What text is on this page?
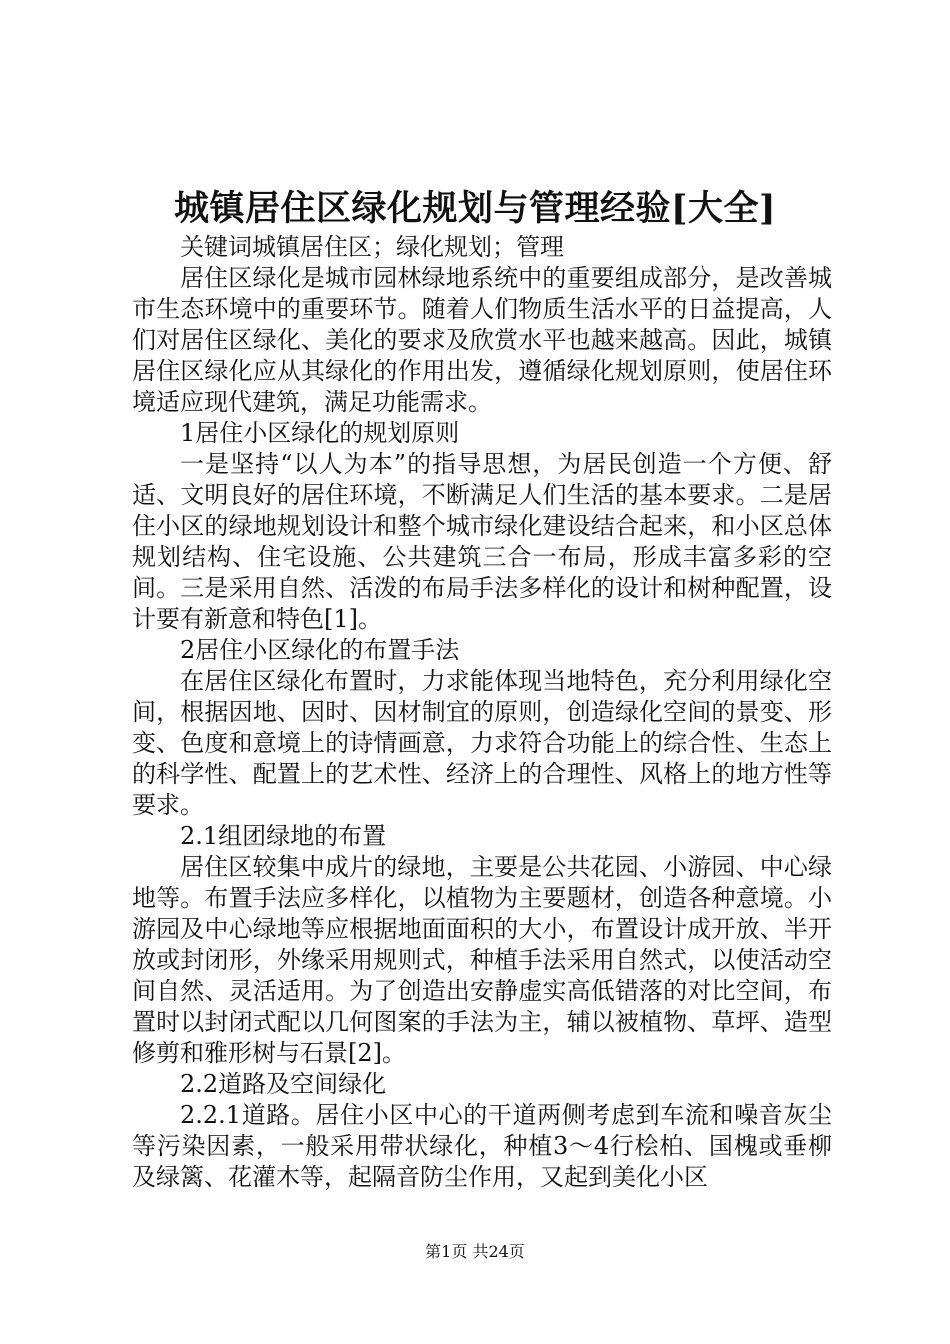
城镇居住区绿化规划与管理经验[大全]

关键词城镇居住区；绿化规划；管理

居住区绿化是城市园林绿地系统中的重要组成部分，是改善城市生态环境中的重要环节。随着人们物质生活水平的日益提高，人们对居住区绿化、美化的要求及欣赏水平也越来越高。因此，城镇居住区绿化应从其绿化的作用出发，遵循绿化规划原则，使居住环境适应现代建筑，满足功能需求。

1居住小区绿化的规划原则

一是坚持“以人为本”的指导思想，为居民创造一个方便、舒适、文明良好的居住环境，不断满足人们生活的基本要求。二是居住小区的绿地规划设计和整个城市绿化建设结合起来，和小区总体规划结构、住宅设施、公共建筑三合一布局，形成丰富多彩的空间。三是采用自然、活泼的布局手法多样化的设计和树种配置，设计要有新意和特色[1]。

2居住小区绿化的布置手法

在居住区绿化布置时，力求能体现当地特色，充分利用绿化空间，根据因地、因时、因材制宜的原则，创造绿化空间的景变、形变、色度和意境上的诗情画意，力求符合功能上的综合性、生态上的科学性、配置上的艺术性、经济上的合理性、风格上的地方性等要求。

2.1组团绿地的布置

居住区较集中成片的绿地，主要是公共花园、小游园、中心绿地等。布置手法应多样化，以植物为主要题材，创造各种意境。小游园及中心绿地等应根据地面面积的大小，布置设计成开放、半开放或封闭形，外缘采用规则式，种植手法采用自然式，以使活动空间自然、灵活适用。为了创造出安静虚实高低错落的对比空间，布置时以封闭式配以几何图案的手法为主，辅以被植物、草坪、造型修剪和雅形树与石景[2]。

2.2道路及空间绿化

2.2.1道路。居住小区中心的干道两侧考虑到车流和噪音灰尘等污染因素，一般采用带状绿化，种植3～4行桧柏、国槐或垂柳及绿篱、花灌木等，起隔音防尘作用，又起到美化小区

第1页 共24页
